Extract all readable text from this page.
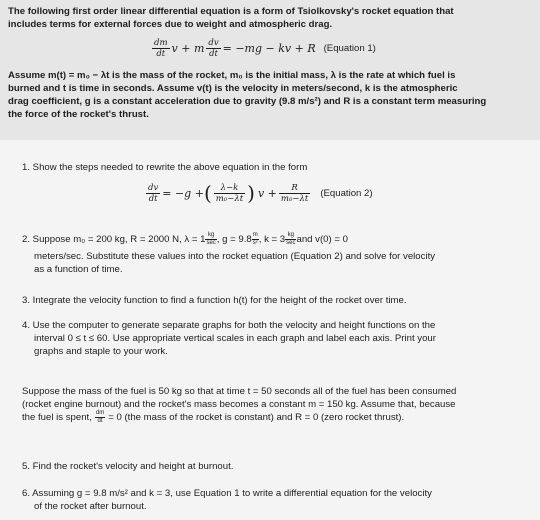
The following first order linear differential equation is a form of Tsiolkovsky's rocket equation that
includes terms for external forces due to weight and atmospheric drag.
$\frac{dm}{dt}$ v + m $\frac{dv}{dt} = -mg$ − kv + R (Equation 1)
Assume m(t) = m₀ − λt is the mass of the rocket, m₀ is the initial mass, λ is the rate at which fuel is
burned and t is time in seconds. Assume v(t) is the velocity in meters/second, k is the atmospheric
drag coefficient, g is a constant acceleration due to gravity (9.8 m/s²) and R is a constant term measuring
the force of the rocket's thrust.
1. Show the steps needed to rewrite the above equation in the form
$\frac{dv}{dt} = -g$ + ( $\frac{\lambda-k}{\text{m₀−λt}}$ ) $v + \frac{R}{\text{m₀−λt}}$ (Equation 2)
2. Suppose m₀ = 200 kg, R = 2000 N, $\lambda = 1 \frac{kg}{\sec}$ , $g = 9.8 \frac{m}{\text{s²}}$ , $k = 3 \frac{kg}{\sec}$ and v(0) = 0
meters/sec. Substitute these values into the rocket equation (Equation 2) and solve for velocity
as a function of time.
3. Integrate the velocity function to find a function h(t) for the height of the rocket over time.
4. Use the computer to generate separate graphs for both the velocity and height functions on the
interval 0 ≤ t ≤ 60. Use appropriate vertical scales in each graph and label each axis. Print your
graphs and staple to your work.
Suppose the mass of the fuel is 50 kg so that at time t = 50 seconds all of the fuel has been consumed
(rocket engine burnout) and the rocket's mass becomes a constant m = 150 kg. Assume that, because
the fuel is spent, $\frac{dm}{dt} = 0$ (the mass of the rocket is constant) and R = 0 (zero rocket thrust).
5. Find the rocket's velocity and height at burnout.
6. Assuming g = 9.8 m/s² and k = 3, use Equation 1 to write a differential equation for the velocity
of the rocket after burnout.
